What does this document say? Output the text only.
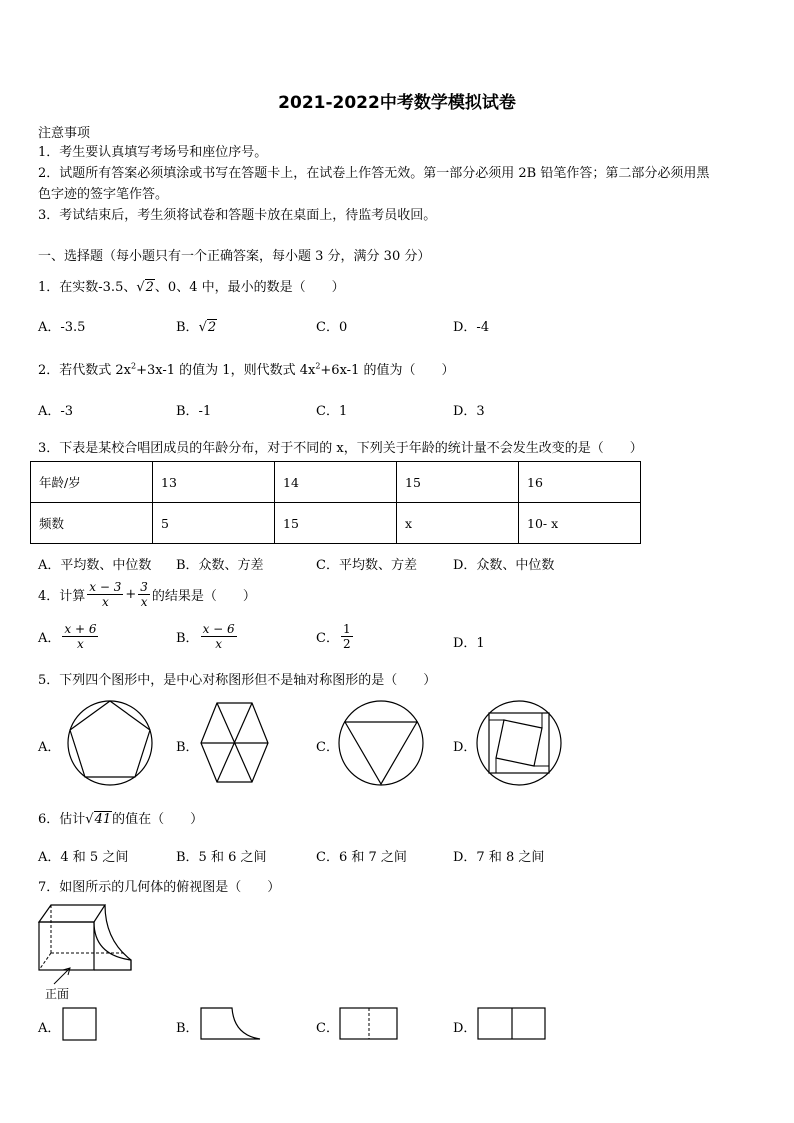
2021-2022中考数学模拟试卷
注意事项
1．考生要认真填写考场号和座位序号。
2．试题所有答案必须填涂或书写在答题卡上，在试卷上作答无效。第一部分必须用 2B 铅笔作答；第二部分必须用黑
色字迹的签字笔作答。
3．考试结束后，考生须将试卷和答题卡放在桌面上，待监考员收回。
一、选择题（每小题只有一个正确答案，每小题 3 分，满分 30 分）
1．在实数-3.5、√2、0、4 中，最小的数是（　　）
A．-3.5	B．√2	C．0	D．-4
2．若代数式 $2x^2+3x-1$ 的值为 1，则代数式 $4x^2+6x-1$ 的值为（　　）
A．-3	B．-1	C．1	D．3
3．下表是某校合唱团成员的年龄分布，对于不同的 x，下列关于年龄的统计量不会发生改变的是（　　）
年龄/岁	13	14	15	16
频数	5	15	x	10- x
A．平均数、中位数 B．众数、方差	C．平均数、方差	D．众数、中位数
4．计算 $\frac{x - 3}{x} + \frac{3}{x}$ 的结果是（　　）
A． $\frac{x + 6}{x}$	B． $\frac{x - 6}{x}$	C． $\frac{1}{2}$	D．1
5．下列四个图形中，是中心对称图形但不是轴对称图形的是（　　）
A．	B．	C．	D．
6．估计√41的值在（　　）
A．4 和 5 之间	B．5 和 6 之间	C．6 和 7 之间	D．7 和 8 之间
7．如图所示的几何体的俯视图是（　　）
正面
A．	B．	C．	D．
